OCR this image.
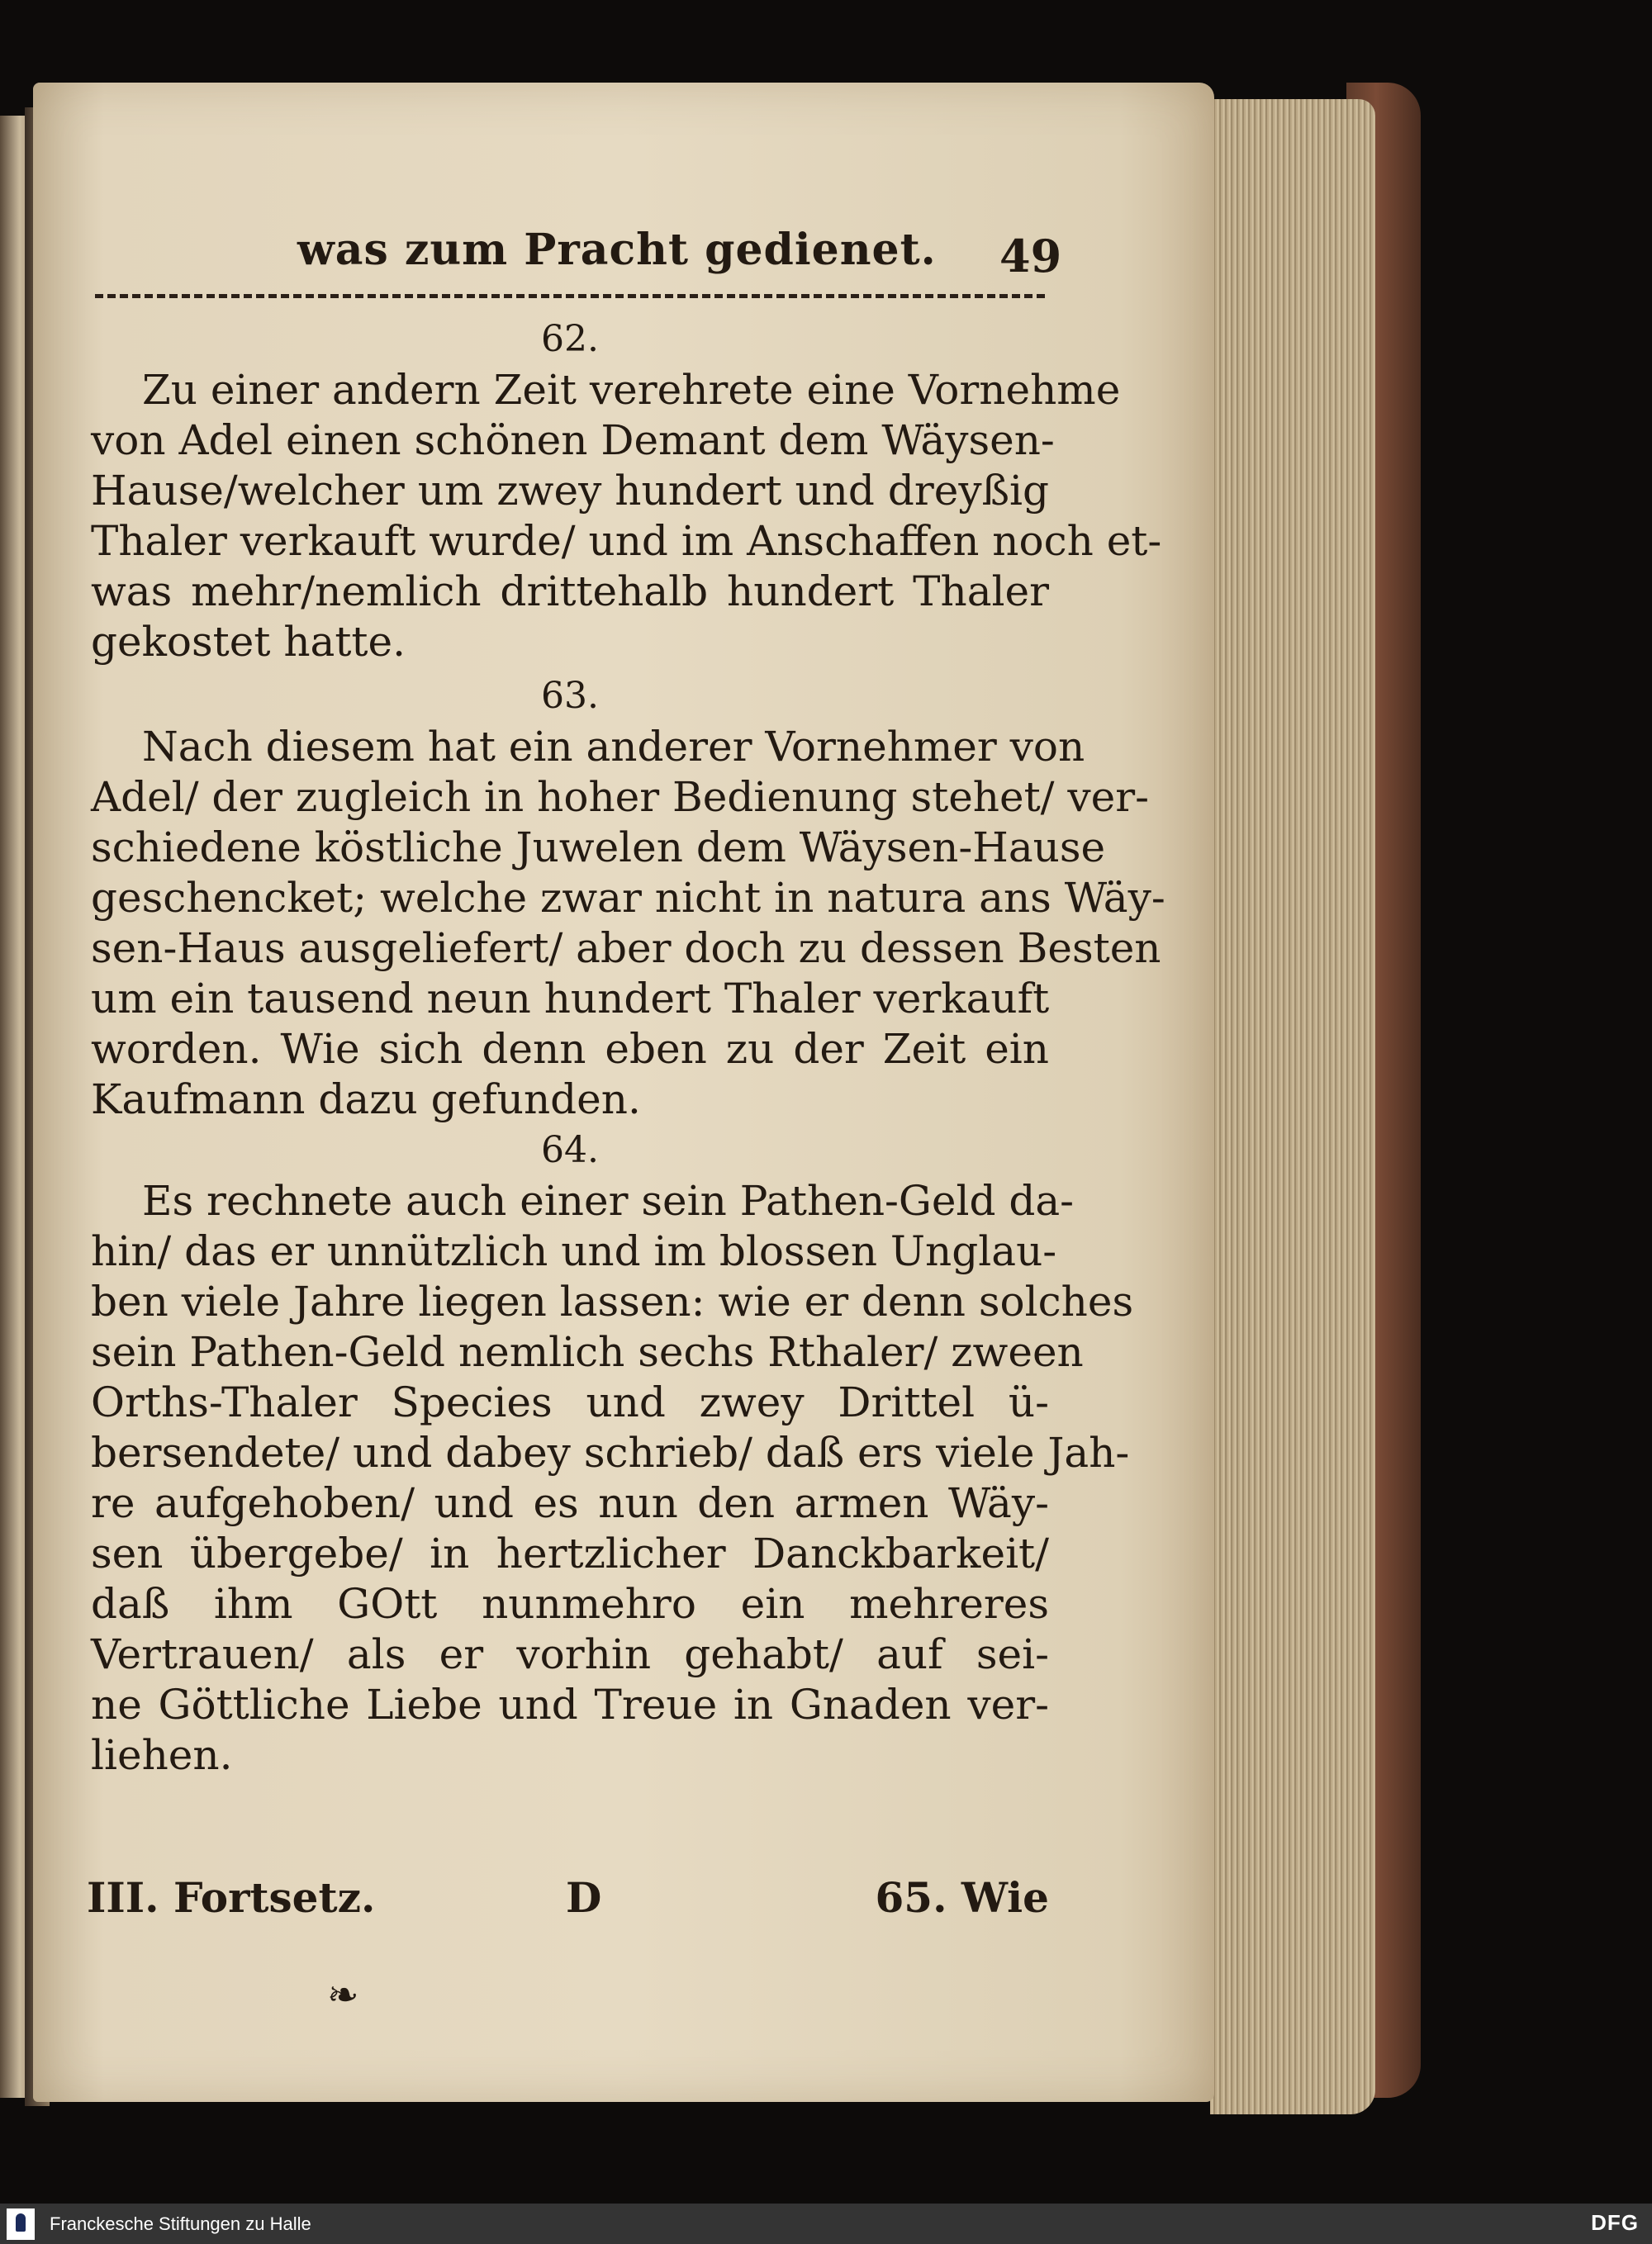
was zum Pracht gedienet. 49
62.
Zu einer andern Zeit verehrete eine Vornehme
von Adel einen schönen Demant dem Wäysen-
Hause/welcher um zwey hundert und dreyßig
Thaler verkauft wurde/ und im Anschaffen noch et-
was mehr/nemlich drittehalb hundert Thaler
gekostet hatte.
63.
Nach diesem hat ein anderer Vornehmer von
Adel/ der zugleich in hoher Bedienung stehet/ ver-
schiedene köstliche Juwelen dem Wäysen-Hause
geschencket; welche zwar nicht in natura ans Wäy-
sen-Haus ausgeliefert/ aber doch zu dessen Besten
um ein tausend neun hundert Thaler verkauft
worden. Wie sich denn eben zu der Zeit ein
Kaufmann dazu gefunden.
64.
Es rechnete auch einer sein Pathen-Geld da-
hin/ das er unnützlich und im blossen Unglau-
ben viele Jahre liegen lassen: wie er denn solches
sein Pathen-Geld nemlich sechs Rthaler/ zween
Orths-Thaler Species und zwey Drittel ü-
bersendete/ und dabey schrieb/ daß ers viele Jah-
re aufgehoben/ und es nun den armen Wäy-
sen übergebe/ in hertzlicher Danckbarkeit/
daß ihm GOtt nunmehro ein mehreres
Vertrauen/ als er vorhin gehabt/ auf sei-
ne Göttliche Liebe und Treue in Gnaden ver-
liehen.
III. Fortsetz.	D	65. Wie
❧
Franckesche Stiftungen zu Halle	DFG
